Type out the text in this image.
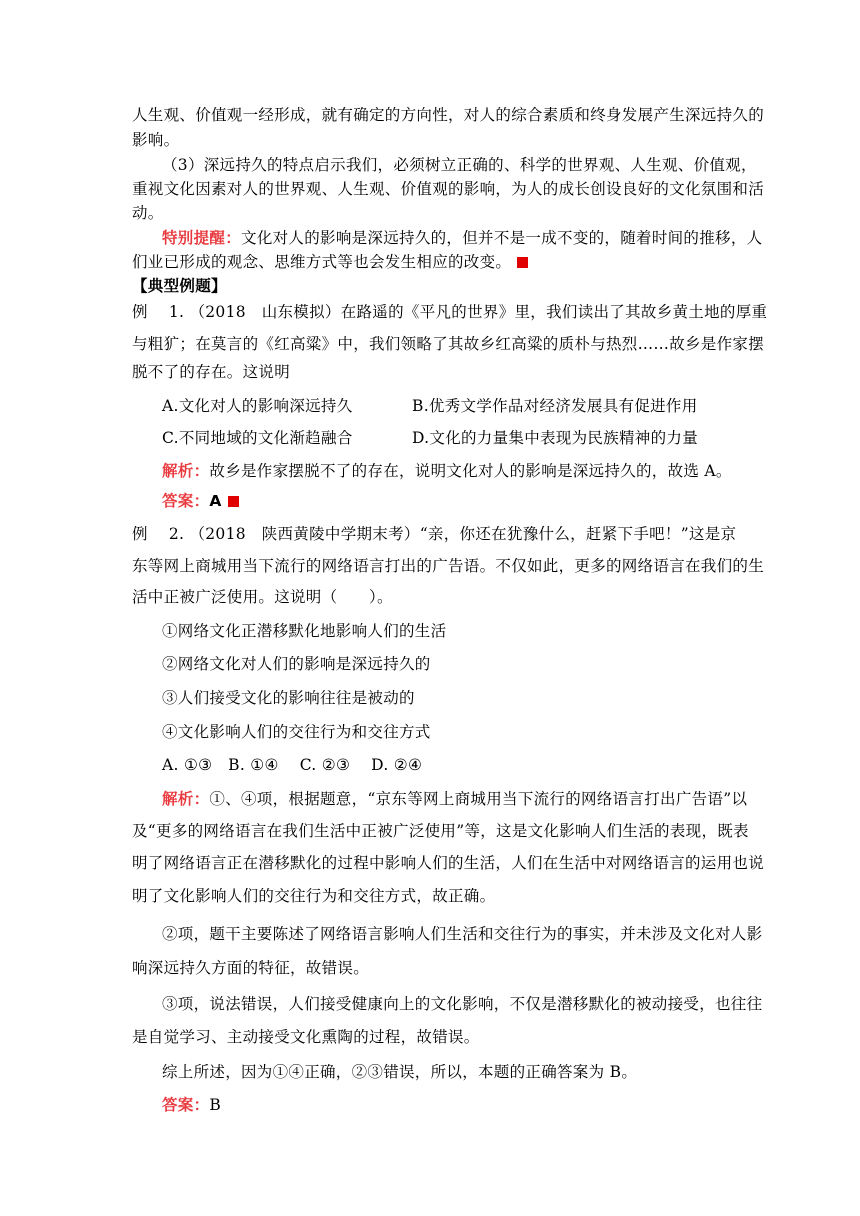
人生观、价值观一经形成，就有确定的方向性，对人的综合素质和终身发展产生深远持久的
影响。
（3）深远持久的特点启示我们，必须树立正确的、科学的世界观、人生观、价值观，
重视文化因素对人的世界观、人生观、价值观的影响，为人的成长创设良好的文化氛围和活
动。
特别提醒：文化对人的影响是深远持久的，但并不是一成不变的，随着时间的推移，人
们业已形成的观念、思维方式等也会发生相应的改变。
【典型例题】
例　 1. （2018　山东模拟）在路遥的《平凡的世界》里，我们读出了其故乡黄土地的厚重
与粗犷；在莫言的《红高粱》中，我们领略了其故乡红高粱的质朴与热烈……故乡是作家摆
脱不了的存在。这说明
A.文化对人的影响深远持久	B.优秀文学作品对经济发展具有促进作用
C.不同地域的文化渐趋融合	D.文化的力量集中表现为民族精神的力量
解析：故乡是作家摆脱不了的存在，说明文化对人的影响是深远持久的，故选 A。
答案：A
例　 2. （2018　陕西黄陵中学期末考）“亲，你还在犹豫什么，赶紧下手吧！”这是京
东等网上商城用当下流行的网络语言打出的广告语。不仅如此，更多的网络语言在我们的生
活中正被广泛使用。这说明（　　）。
①网络文化正潜移默化地影响人们的生活
②网络文化对人们的影响是深远持久的
③人们接受文化的影响往往是被动的
④文化影响人们的交往行为和交往方式
A. ①③　B. ①④　 C. ②③　 D. ②④
解析：①、④项，根据题意，“京东等网上商城用当下流行的网络语言打出广告语”以
及“更多的网络语言在我们生活中正被广泛使用”等，这是文化影响人们生活的表现，既表
明了网络语言正在潜移默化的过程中影响人们的生活，人们在生活中对网络语言的运用也说
明了文化影响人们的交往行为和交往方式，故正确。
②项，题干主要陈述了网络语言影响人们生活和交往行为的事实，并未涉及文化对人影
响深远持久方面的特征，故错误。
③项，说法错误，人们接受健康向上的文化影响，不仅是潜移默化的被动接受，也往往
是自觉学习、主动接受文化熏陶的过程，故错误。
综上所述，因为①④正确，②③错误，所以，本题的正确答案为 B。
答案：B
